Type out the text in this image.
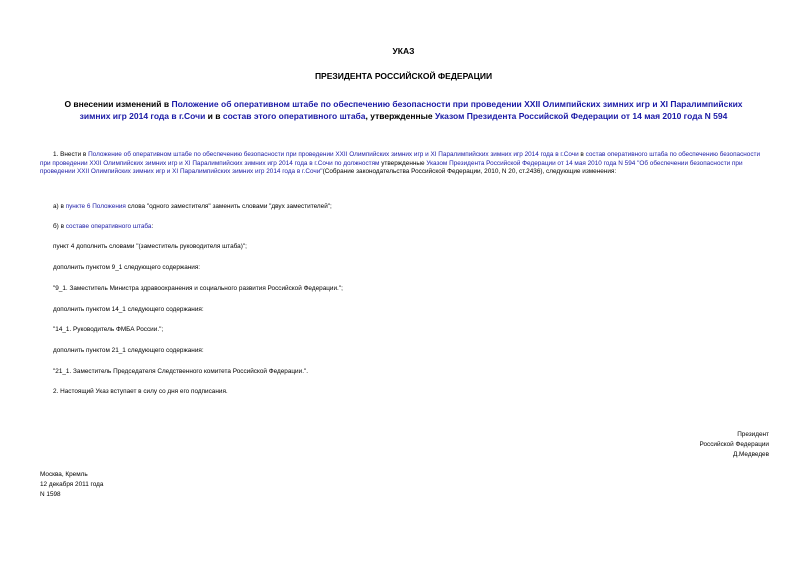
УКАЗ
ПРЕЗИДЕНТА РОССИЙСКОЙ ФЕДЕРАЦИИ
О внесении изменений в Положение об оперативном штабе по обеспечению безопасности при проведении XXII Олимпийских зимних игр и XI Паралимпийских зимних игр 2014 года в г.Сочи и в состав этого оперативного штаба, утвержденные Указом Президента Российской Федерации от 14 мая 2010 года N 594
1. Внести в Положение об оперативном штабе по обеспечению безопасности при проведении XXII Олимпийских зимних игр и XI Паралимпийских зимних игр 2014 года в г.Сочи в состав оперативного штаба по обеспечению безопасности при проведении XXII Олимпийских зимних игр и XI Паралимпийских зимних игр 2014 года в г.Сочи по должностям утвержденные Указом Президента Российской Федерации от 14 мая 2010 года N 594 "Об обеспечении безопасности при проведении XXII Олимпийских зимних игр и XI Паралимпийских зимних игр 2014 года в г.Сочи"(Собрание законодательства Российской Федерации, 2010, N 20, ст.2436), следующие изменения:
а) в пункте 6 Положения слова "одного заместителя" заменить словами "двух заместителей";
б) в составе оперативного штаба:
пункт 4 дополнить словами "(заместитель руководителя штаба)";
дополнить пунктом 9_1 следующего содержания:
"9_1. Заместитель Министра здравоохранения и социального развития Российской Федерации.";
дополнить пунктом 14_1 следующего содержания:
"14_1. Руководитель ФМБА России.";
дополнить пунктом 21_1 следующего содержания:
"21_1. Заместитель Председателя Следственного комитета Российской Федерации.".
2. Настоящий Указ вступает в силу со дня его подписания.
Президент
Российской Федерации
Д.Медведев
Москва, Кремль
12 декабря 2011 года
N 1598
